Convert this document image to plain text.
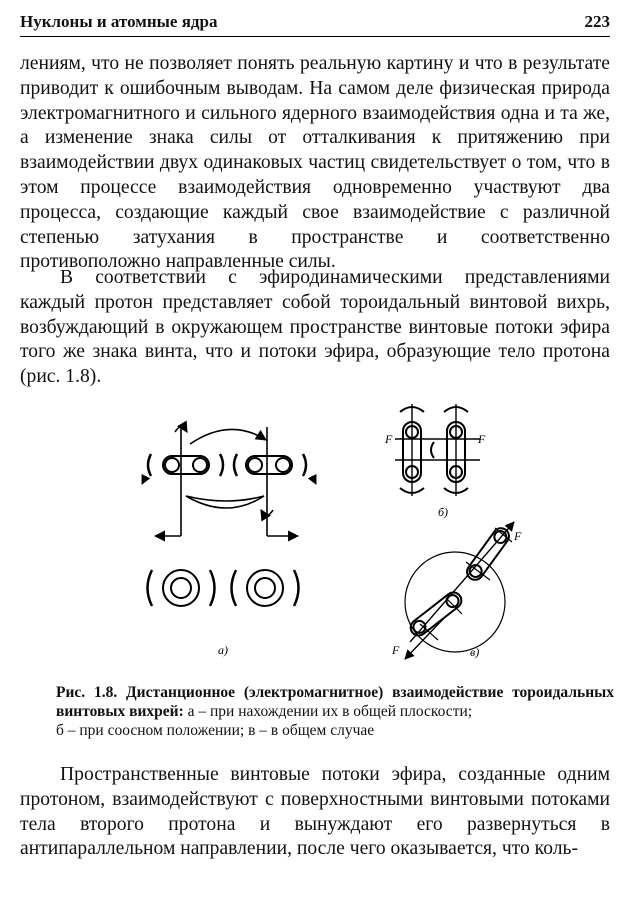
Нуклоны и атомные ядра	223

лениям, что не позволяет понять реальную картину и что в результате приводит к ошибочным выводам. На самом деле физическая природа электромагнитного и сильного ядерного взаимодействия одна и та же, а изменение знака силы от отталкивания к притяжению при взаимодействии двух одинаковых частиц свидетельствует о том, что в этом процессе взаимодействия одновременно участвуют два процесса, создающие каждый свое взаимодействие с различной степенью затухания в пространстве и соответственно противоположно направленные силы.

В соответствии с эфиродинамическими представлениями каждый протон представляет собой тороидальный винтовой вихрь, возбуждающий в окружающем пространстве винтовые потоки эфира того же знака винта, что и потоки эфира, образующие тело протона (рис. 1.8).

а)
F	F
б)
F
F	в)
Рис. 1.8. Дистанционное (электромагнитное) взаимодействие тороидальных винтовых вихрей: а – при нахождении их в общей плоскости;
б – при соосном положении; в – в общем случае

Пространственные винтовые потоки эфира, созданные одним протоном, взаимодействуют с поверхностными винтовыми потоками тела второго протона и вынуждают его развернуться в антипараллельном направлении, после чего оказывается, что коль-
